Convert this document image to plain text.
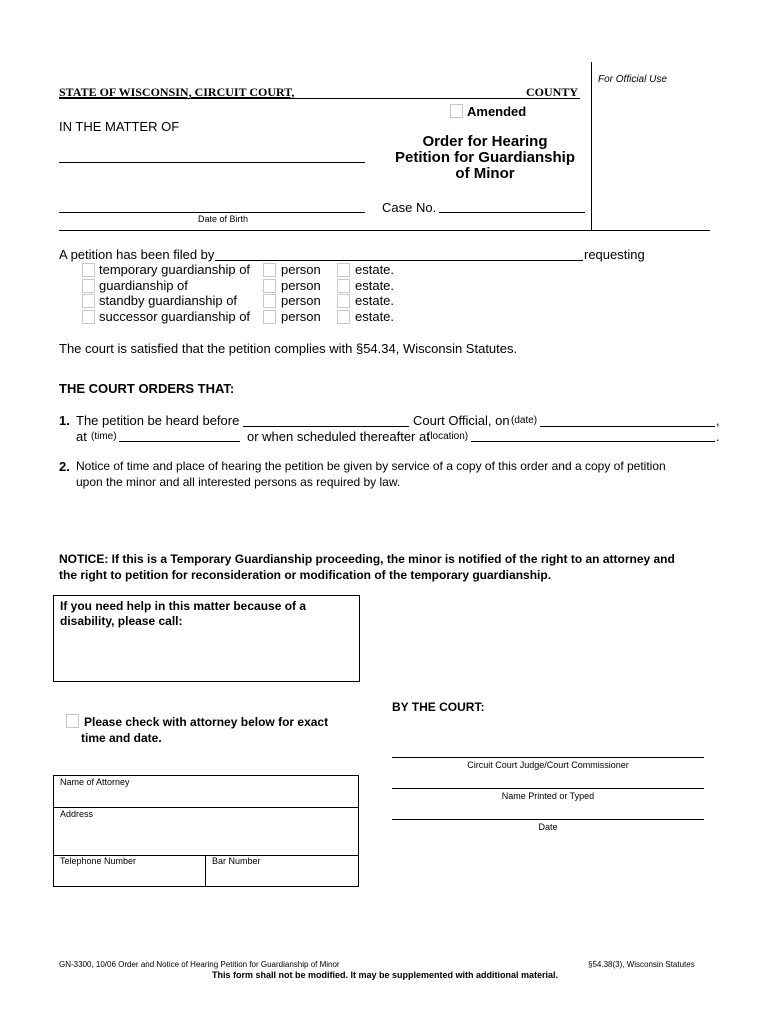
For Official Use
STATE OF WISCONSIN, CIRCUIT COURT,	COUNTY
Amended
IN THE MATTER OF
Order for Hearing
Petition for Guardianship
of Minor
Date of Birth
Case No.
A petition has been filed by	requesting
temporary guardianship of person	estate.
guardianship of	person	estate.
standby guardianship of	person	estate.
successor guardianship of person	estate.
The court is satisfied that the petition complies with §54.34, Wisconsin Statutes.
THE COURT ORDERS THAT:
1. The petition be heard before	Court Official, on (date)	,
at (time)	or when scheduled thereafter at
(location)	.
2. Notice of time and place of hearing the petition be given by service of a copy of this order and a copy of petition
upon the minor and all interested persons as required by law.
NOTICE: If this is a Temporary Guardianship proceeding, the minor is notified of the right to an attorney and
the right to petition for reconsideration or modification of the temporary guardianship.
If you need help in this matter because of a
disability, please call:
Please check with attorney below for exact
time and date.
Name of Attorney
Address
Telephone Number	Bar Number
BY THE COURT:
Circuit Court Judge/Court Commissioner
Name Printed or Typed
Date
GN-3300, 10/06 Order and Notice of Hearing Petition for Guardianship of Minor	§54.38(3), Wisconsin Statutes
This form shall not be modified. It may be supplemented with additional material.
